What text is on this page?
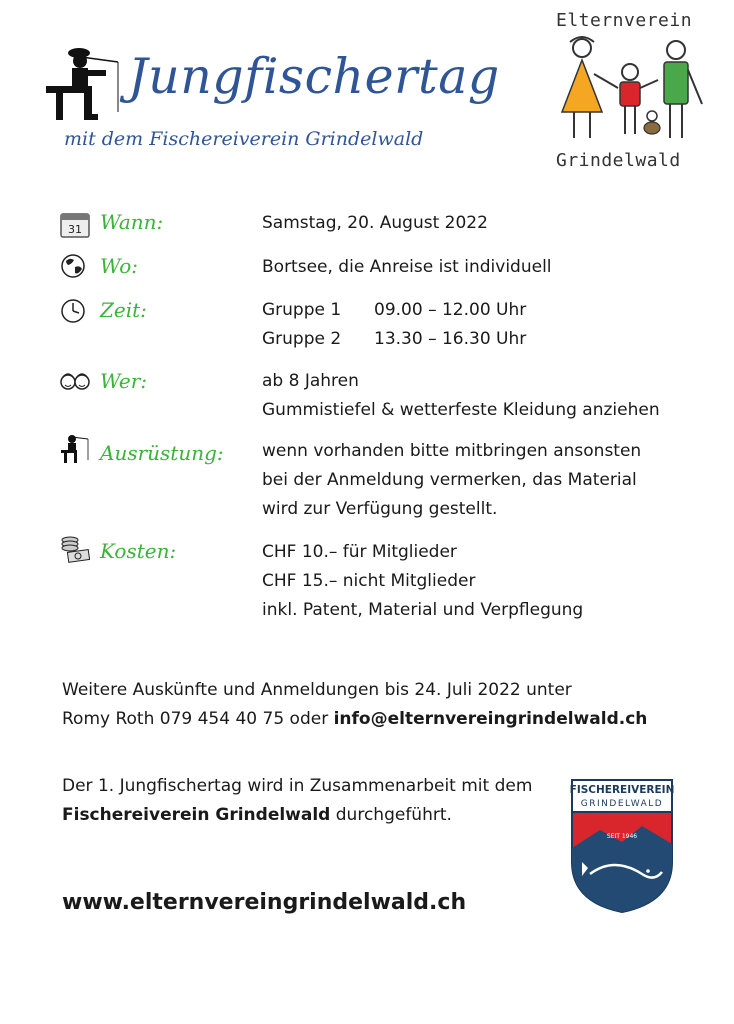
Jungfischertag
mit dem Fischereiverein Grindelwald
Elternverein
Grindelwald
31 Wann:	Samstag, 20. August 2022
Wo:	Bortsee, die Anreise ist individuell
Zeit:	Gruppe 1 09.00 – 12.00 Uhr
Gruppe 2 13.30 – 16.30 Uhr
Wer:	ab 8 Jahren
Gummistiefel & wetterfeste Kleidung anziehen
Ausrüstung: wenn vorhanden bitte mitbringen ansonsten
bei der Anmeldung vermerken, das Material
wird zur Verfügung gestellt.
Kosten:	CHF 10.– für Mitglieder
CHF 15.– nicht Mitglieder
inkl. Patent, Material und Verpflegung
Weitere Auskünfte und Anmeldungen bis 24. Juli 2022 unter
Romy Roth 079 454 40 75 oder info@elternvereingrindelwald.ch
Der 1. Jungfischertag wird in Zusammenarbeit mit dem
Fischereiverein Grindelwald durchgeführt.
www.elternvereingrindelwald.ch
FISCHEREIVEREIN
GRINDELWALD
SEIT 1946
